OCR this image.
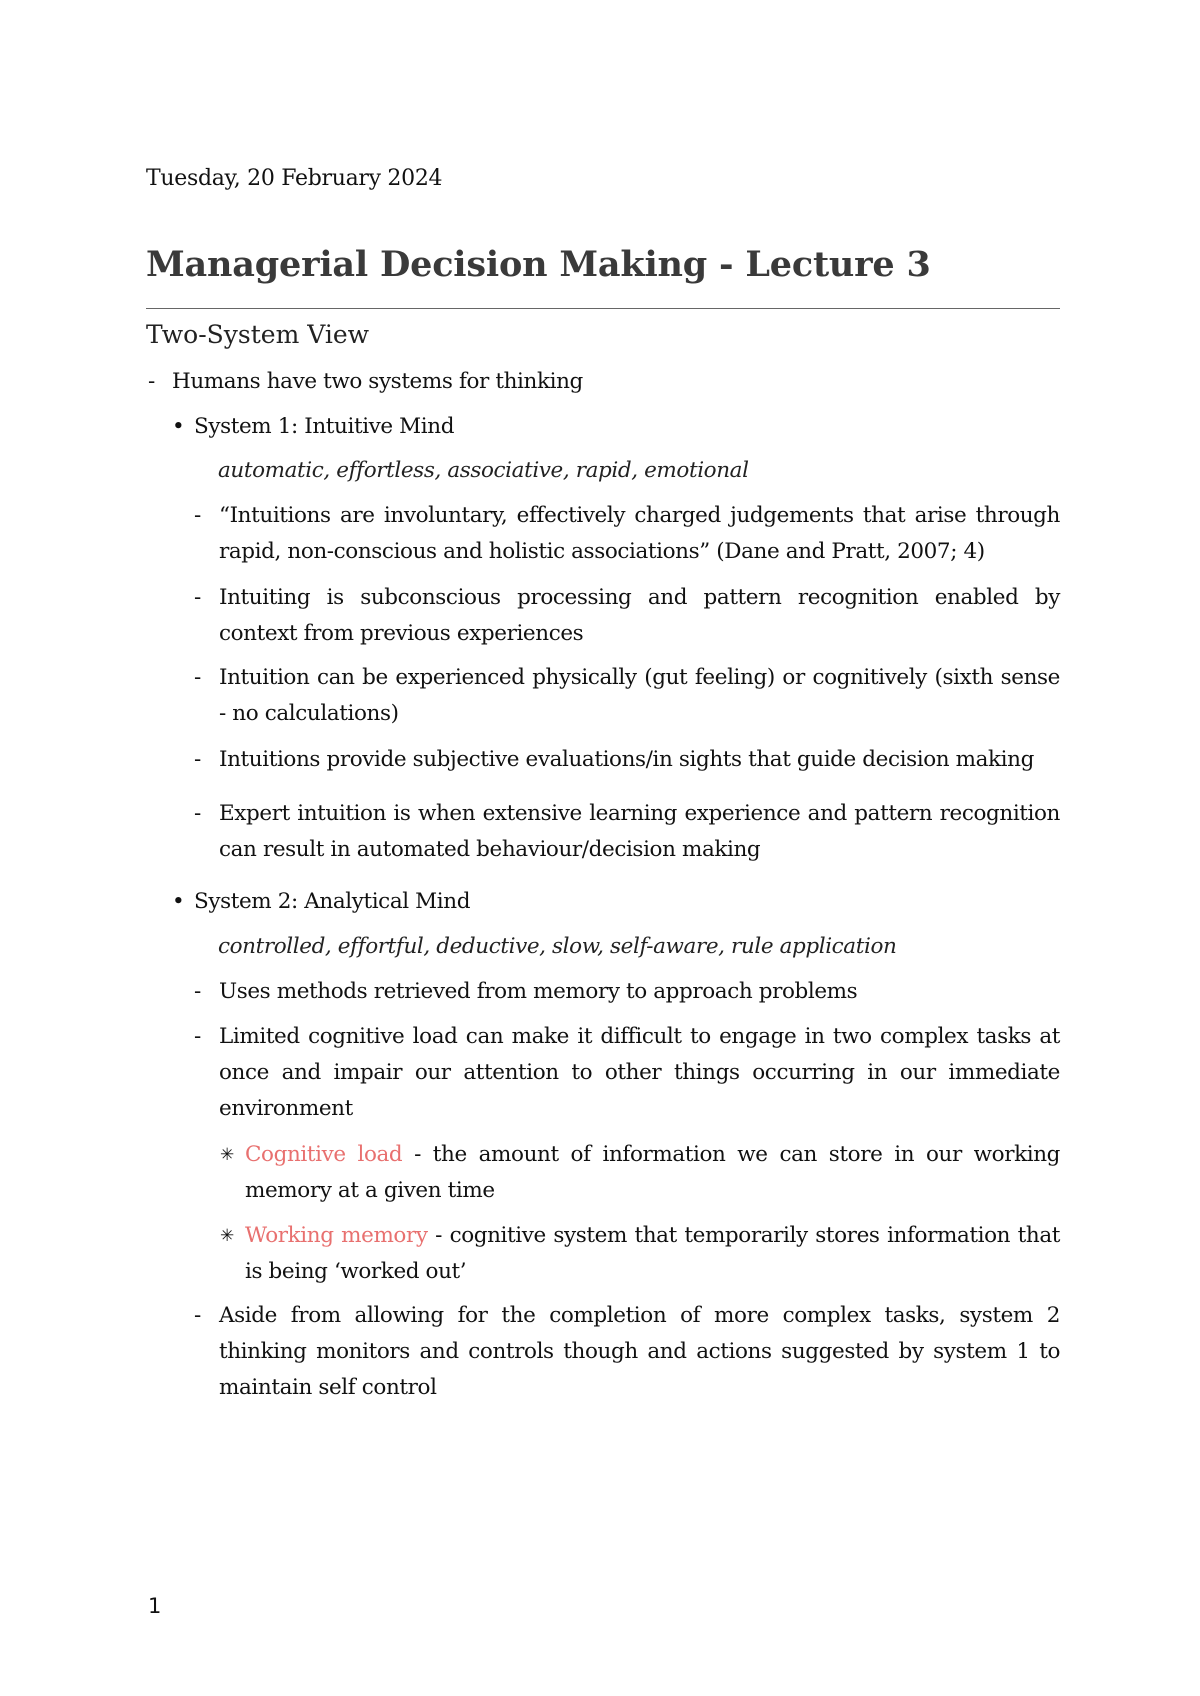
Tuesday, 20 February 2024
Managerial Decision Making - Lecture 3
Two-System View
- Humans have two systems for thinking
• System 1: Intuitive Mind
automatic, effortless, associative, rapid, emotional
- “Intuitions are involuntary, effectively charged judgements that arise through rapid, non-conscious and holistic associations” (Dane and Pratt, 2007; 4)
- Intuiting is subconscious processing and pattern recognition enabled by context from previous experiences
- Intuition can be experienced physically (gut feeling) or cognitively (sixth sense - no calculations)
- Intuitions provide subjective evaluations/in sights that guide decision making
- Expert intuition is when extensive learning experience and pattern recognition can result in automated behaviour/decision making
• System 2: Analytical Mind
controlled, effortful, deductive, slow, self-aware, rule application
- Uses methods retrieved from memory to approach problems
- Limited cognitive load can make it difficult to engage in two complex tasks at once and impair our attention to other things occurring in our immediate environment
✳ Cognitive load - the amount of information we can store in our working memory at a given time
✳ Working memory - cognitive system that temporarily stores information that is being ‘worked out’
- Aside from allowing for the completion of more complex tasks, system 2 thinking monitors and controls though and actions suggested by system 1 to maintain self control
1
